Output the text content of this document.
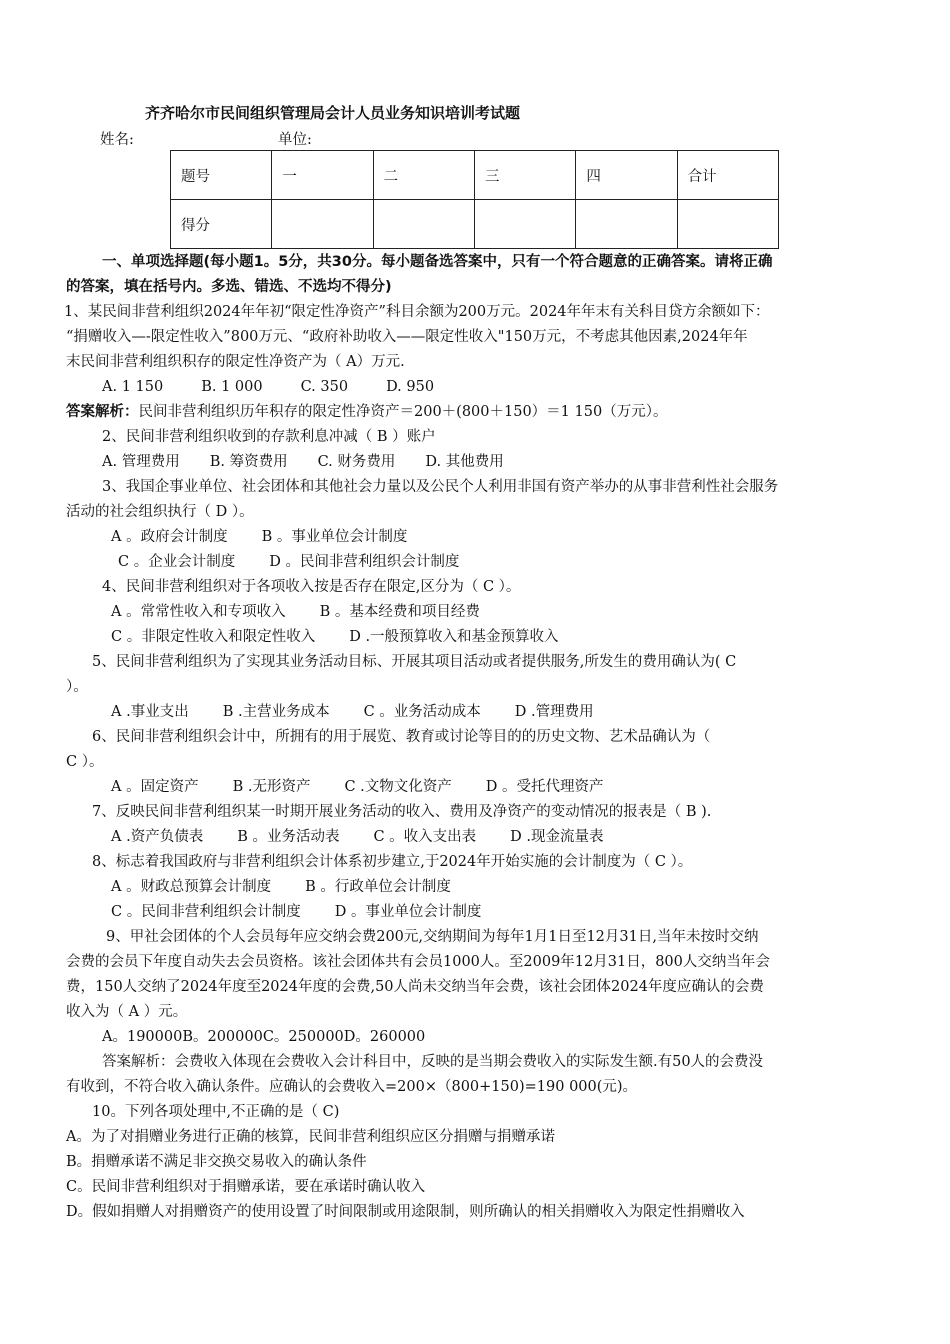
齐齐哈尔市民间组织管理局会计人员业务知识培训考试题
姓名:	单位:
题号	一	二	三	四	合计
得分					
一、单项选择题(每小题1。5分，共30分。每小题备选答案中，只有一个符合题意的正确答案。请将正确
的答案，填在括号内。多选、错选、不选均不得分)
1、某民间非营利组织2024年年初“限定性净资产”科目余额为200万元。2024年年末有关科目贷方余额如下：
“捐赠收入—-限定性收入”800万元、“政府补助收入——限定性收入"150万元，不考虑其他因素,2024年年
末民间非营利组织积存的限定性净资产为（ A）万元.
A. 1 150	B. 1 000	C. 350	D. 950
答案解析：民间非营利组织历年积存的限定性净资产＝200＋(800＋150）＝1 150（万元）。
2、民间非营利组织收到的存款利息冲减（ B ）账户
A. 管理费用 B. 筹资费用 C. 财务费用 D. 其他费用
3、我国企事业单位、社会团体和其他社会力量以及公民个人利用非国有资产举办的从事非营利性社会服务
活动的社会组织执行（ D ）。
A 。政府会计制度 B 。事业单位会计制度
C 。企业会计制度 D 。民间非营利组织会计制度
4、民间非营利组织对于各项收入按是否存在限定,区分为（ C ）。
A 。常常性收入和专项收入 B 。基本经费和项目经费
C 。非限定性收入和限定性收入 D .一般预算收入和基金预算收入
5、民间非营利组织为了实现其业务活动目标、开展其项目活动或者提供服务,所发生的费用确认为( C
）。
A .事业支出 B .主营业务成本 C 。业务活动成本 D .管理费用
6、民间非营利组织会计中，所拥有的用于展览、教育或讨论等目的的历史文物、艺术品确认为（
C ）。
A 。固定资产 B .无形资产 C .文物文化资产 D 。受托代理资产
7、反映民间非营利组织某一时期开展业务活动的收入、费用及净资产的变动情况的报表是（ B ).
A .资产负债表 B 。业务活动表 C 。收入支出表 D .现金流量表
8、标志着我国政府与非营利组织会计体系初步建立,于2024年开始实施的会计制度为（ C ）。
A 。财政总预算会计制度 B 。行政单位会计制度
C 。民间非营利组织会计制度 D 。事业单位会计制度
9、甲社会团体的个人会员每年应交纳会费200元,交纳期间为每年1月1日至12月31日,当年未按时交纳
会费的会员下年度自动失去会员资格。该社会团体共有会员1000人。至2009年12月31日，800人交纳当年会
费，150人交纳了2024年度至2024年度的会费,50人尚未交纳当年会费，该社会团体2024年度应确认的会费
收入为（ A ）元。
A。190000B。200000C。250000D。260000
答案解析：会费收入体现在会费收入会计科目中，反映的是当期会费收入的实际发生额.有50人的会费没
有收到，不符合收入确认条件。应确认的会费收入=200×（800+150)=190 000(元)。
10。下列各项处理中,不正确的是（ C)
A。为了对捐赠业务进行正确的核算，民间非营利组织应区分捐赠与捐赠承诺
B。捐赠承诺不满足非交换交易收入的确认条件
C。民间非营利组织对于捐赠承诺，要在承诺时确认收入
D。假如捐赠人对捐赠资产的使用设置了时间限制或用途限制，则所确认的相关捐赠收入为限定性捐赠收入
